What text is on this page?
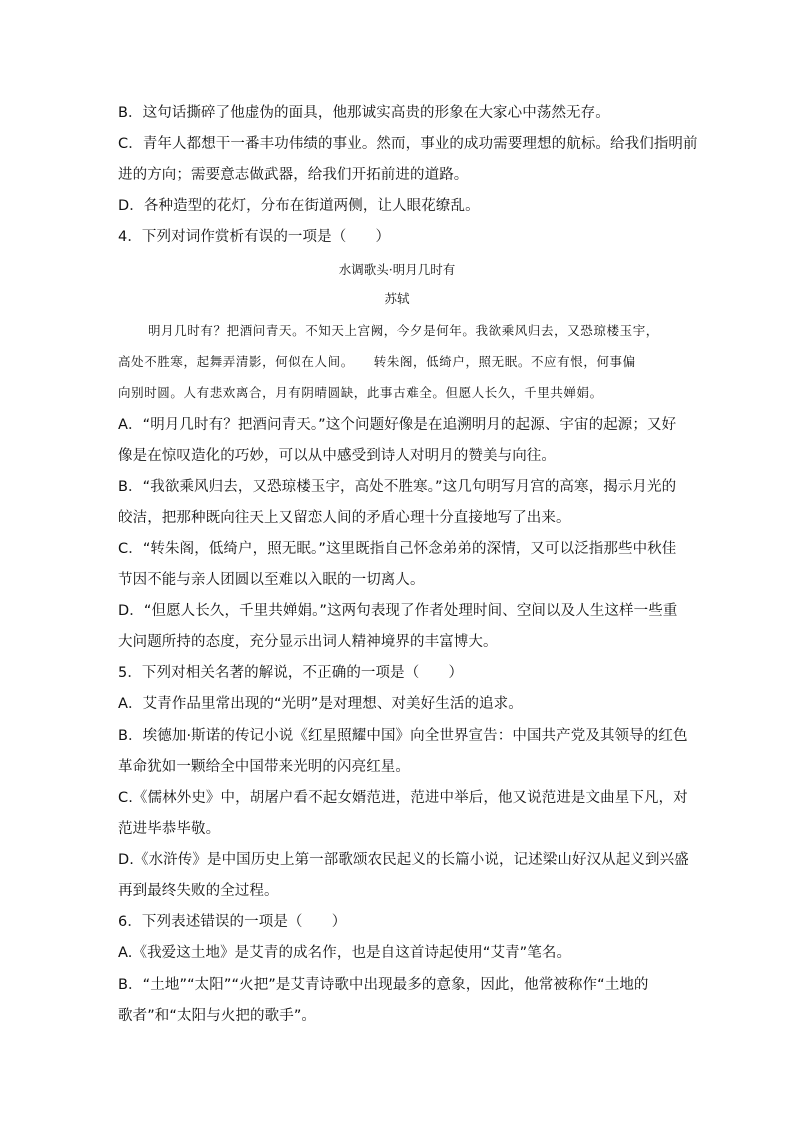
B．这句话撕碎了他虚伪的面具，他那诚实高贵的形象在大家心中荡然无存。
C．青年人都想干一番丰功伟绩的事业。然而，事业的成功需要理想的航标。给我们指明前
进的方向；需要意志做武器，给我们开拓前进的道路。
D．各种造型的花灯，分布在街道两侧，让人眼花缭乱。
4．下列对词作赏析有误的一项是（　　）
水调歌头·明月几时有
苏轼
明月几时有？把酒问青天。不知天上宫阙，今夕是何年。我欲乘风归去，又恐琼楼玉宇，
高处不胜寒，起舞弄清影，何似在人间。　　转朱阁，低绮户，照无眠。不应有恨，何事偏
向别时圆。人有悲欢离合，月有阴晴圆缺，此事古难全。但愿人长久，千里共婵娟。
A．“明月几时有？把酒问青天。”这个问题好像是在追溯明月的起源、宇宙的起源；又好
像是在惊叹造化的巧妙，可以从中感受到诗人对明月的赞美与向往。
B．“我欲乘风归去，又恐琼楼玉宇，高处不胜寒。”这几句明写月宫的高寒，揭示月光的
皎洁，把那种既向往天上又留恋人间的矛盾心理十分直接地写了出来。
C．“转朱阁，低绮户，照无眠。”这里既指自己怀念弟弟的深情，又可以泛指那些中秋佳
节因不能与亲人团圆以至难以入眠的一切离人。
D．“但愿人长久，千里共婵娟。”这两句表现了作者处理时间、空间以及人生这样一些重
大问题所持的态度，充分显示出词人精神境界的丰富博大。
5．下列对相关名著的解说，不正确的一项是（　　）
A．艾青作品里常出现的“光明”是对理想、对美好生活的追求。
B．埃德加·斯诺的传记小说《红星照耀中国》向全世界宣告：中国共产党及其领导的红色
革命犹如一颗给全中国带来光明的闪亮红星。
C.《儒林外史》中，胡屠户看不起女婿范进，范进中举后，他又说范进是文曲星下凡，对
范进毕恭毕敬。
D.《水浒传》是中国历史上第一部歌颂农民起义的长篇小说，记述梁山好汉从起义到兴盛
再到最终失败的全过程。
6．下列表述错误的一项是（　　）
A.《我爱这土地》是艾青的成名作，也是自这首诗起使用“艾青”笔名。
B．“土地”“太阳”“火把”是艾青诗歌中出现最多的意象，因此，他常被称作“土地的
歌者”和“太阳与火把的歌手”。
